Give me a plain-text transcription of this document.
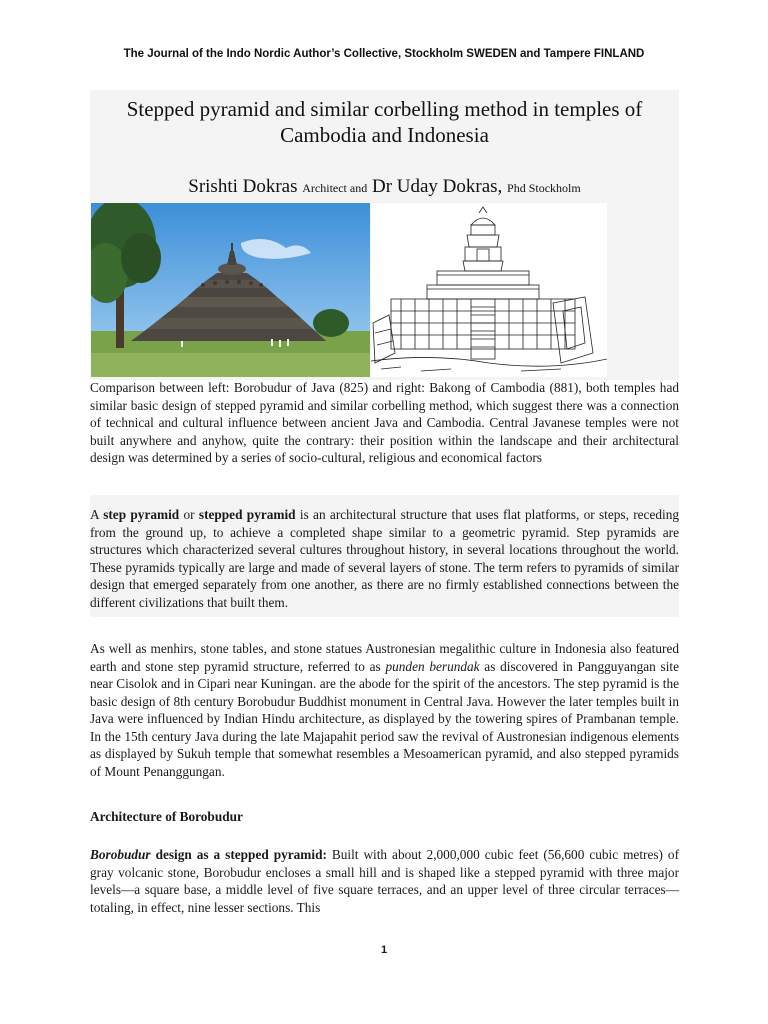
The Journal of the Indo Nordic Author’s Collective, Stockholm SWEDEN and Tampere FINLAND
Stepped pyramid and similar corbelling method in temples of
Cambodia and Indonesia
Srishti Dokras Architect and Dr Uday Dokras, Phd Stockholm

Comparison between left: Borobudur of Java (825) and right: Bakong of Cambodia (881), both temples had similar basic design of stepped pyramid and similar corbelling method, which suggest there was a connection of technical and cultural influence between ancient Java and Cambodia. Central Javanese temples were not built anywhere and anyhow, quite the contrary: their position within the landscape and their architectural design was determined by a series of socio-cultural, religious and economical factors

A step pyramid or stepped pyramid is an architectural structure that uses flat platforms, or steps, receding from the ground up, to achieve a completed shape similar to a geometric pyramid. Step pyramids are structures which characterized several cultures throughout history, in several locations throughout the world. These pyramids typically are large and made of several layers of stone. The term refers to pyramids of similar design that emerged separately from one another, as there are no firmly established connections between the different civilizations that built them.

As well as menhirs, stone tables, and stone statues Austronesian megalithic culture in Indonesia also featured earth and stone step pyramid structure, referred to as punden berundak as discovered in Pangguyangan site near Cisolok and in Cipari near Kuningan. are the abode for the spirit of the ancestors. The step pyramid is the basic design of 8th century Borobudur Buddhist monument in Central Java. However the later temples built in Java were influenced by Indian Hindu architecture, as displayed by the towering spires of Prambanan temple. In the 15th century Java during the late Majapahit period saw the revival of Austronesian indigenous elements as displayed by Sukuh temple that somewhat resembles a Mesoamerican pyramid, and also stepped pyramids of Mount Penanggungan.

Architecture of Borobudur

Borobudur design as a stepped pyramid: Built with about 2,000,000 cubic feet (56,600 cubic metres) of gray volcanic stone, Borobudur encloses a small hill and is shaped like a stepped pyramid with three major levels—a square base, a middle level of five square terraces, and an upper level of three circular terraces—totaling, in effect, nine lesser sections. This

1
